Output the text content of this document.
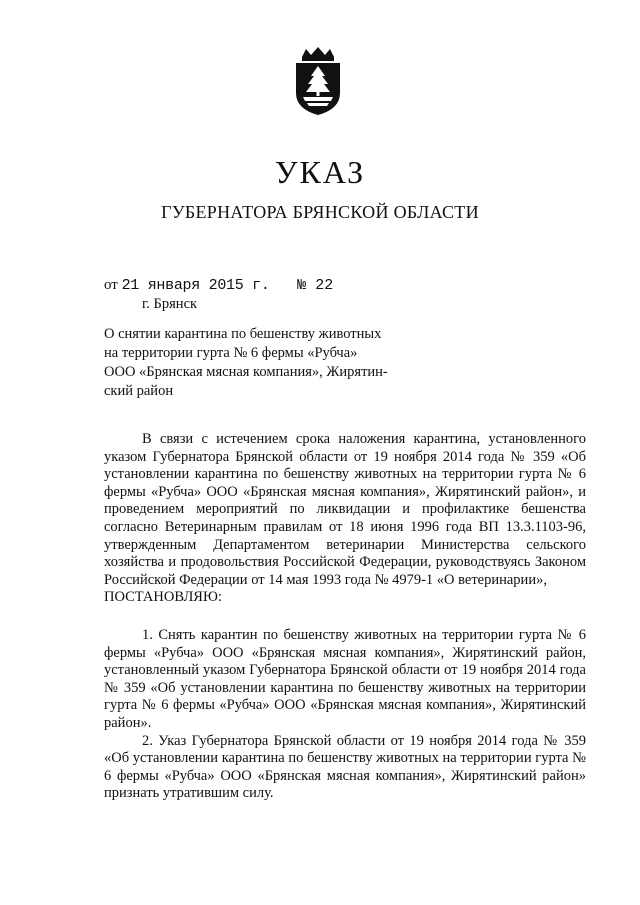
УКАЗ
ГУБЕРНАТОРА БРЯНСКОЙ ОБЛАСТИ
от 21 января 2015 г. № 22
г. Брянск
О снятии карантина по бешенству животных
на территории гурта № 6 фермы «Рубча»
ООО «Брянская мясная компания», Жирятин-
ский район

В связи с истечением срока наложения карантина, установленного указом Губернатора Брянской области от 19 ноября 2014 года № 359 «Об установлении карантина по бешенству животных на территории гурта № 6 фермы «Рубча» ООО «Брянская мясная компания», Жирятинский район», и проведением мероприятий по ликвидации и профилактике бешенства согласно Ветеринарным правилам от 18 июня 1996 года ВП 13.3.1103-96, утвержденным Департаментом ветеринарии Министерства сельского хозяйства и продовольствия Российской Федерации, руководствуясь Законом Российской Федерации от 14 мая 1993 года № 4979-1 «О ветеринарии»,

ПОСТАНОВЛЯЮ:

1. Снять карантин по бешенству животных на территории гурта № 6 фермы «Рубча» ООО «Брянская мясная компания», Жирятинский район, установленный указом Губернатора Брянской области от 19 ноября 2014 года № 359 «Об установлении карантина по бешенству животных на территории гурта № 6 фермы «Рубча» ООО «Брянская мясная компания», Жирятинский район».

2. Указ Губернатора Брянской области от 19 ноября 2014 года № 359 «Об установлении карантина по бешенству животных на территории гурта № 6 фермы «Рубча» ООО «Брянская мясная компания», Жирятинский район» признать утратившим силу.
